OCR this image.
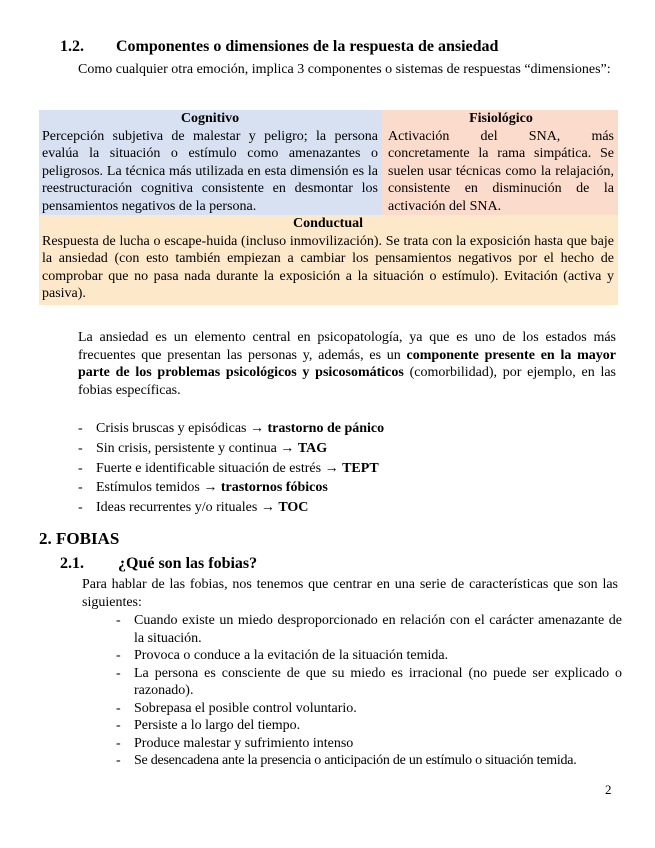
1.2. Componentes o dimensiones de la respuesta de ansiedad
Como cualquier otra emoción, implica 3 componentes o sistemas de respuestas “dimensiones”:
Cognitivo
Percepción subjetiva de malestar y peligro; la persona evalúa la situación o estímulo como amenazantes o peligrosos. La técnica más utilizada en esta dimensión es la reestructuración cognitiva consistente en desmontar los pensamientos negativos de la persona.
Fisiológico
Activación del SNA, más concretamente la rama simpática. Se suelen usar técnicas como la relajación, consistente en disminución de la activación del SNA.
Conductual
Respuesta de lucha o escape-huida (incluso inmovilización). Se trata con la exposición hasta que baje la ansiedad (con esto también empiezan a cambiar los pensamientos negativos por el hecho de comprobar que no pasa nada durante la exposición a la situación o estímulo). Evitación (activa y pasiva).
La ansiedad es un elemento central en psicopatología, ya que es uno de los estados más frecuentes que presentan las personas y, además, es un componente presente en la mayor parte de los problemas psicológicos y psicosomáticos (comorbilidad), por ejemplo, en las fobias específicas.
- Crisis bruscas y episódicas → trastorno de pánico
- Sin crisis, persistente y continua → TAG
- Fuerte e identificable situación de estrés → TEPT
- Estímulos temidos → trastornos fóbicos
- Ideas recurrentes y/o rituales → TOC
2. FOBIAS
2.1. ¿Qué son las fobias?
Para hablar de las fobias, nos tenemos que centrar en una serie de características que son las siguientes:
- Cuando existe un miedo desproporcionado en relación con el carácter amenazante de la situación.
- Provoca o conduce a la evitación de la situación temida.
- La persona es consciente de que su miedo es irracional (no puede ser explicado o razonado).
- Sobrepasa el posible control voluntario.
- Persiste a lo largo del tiempo.
- Produce malestar y sufrimiento intenso
- Se desencadena ante la presencia o anticipación de un estímulo o situación temida.
2
